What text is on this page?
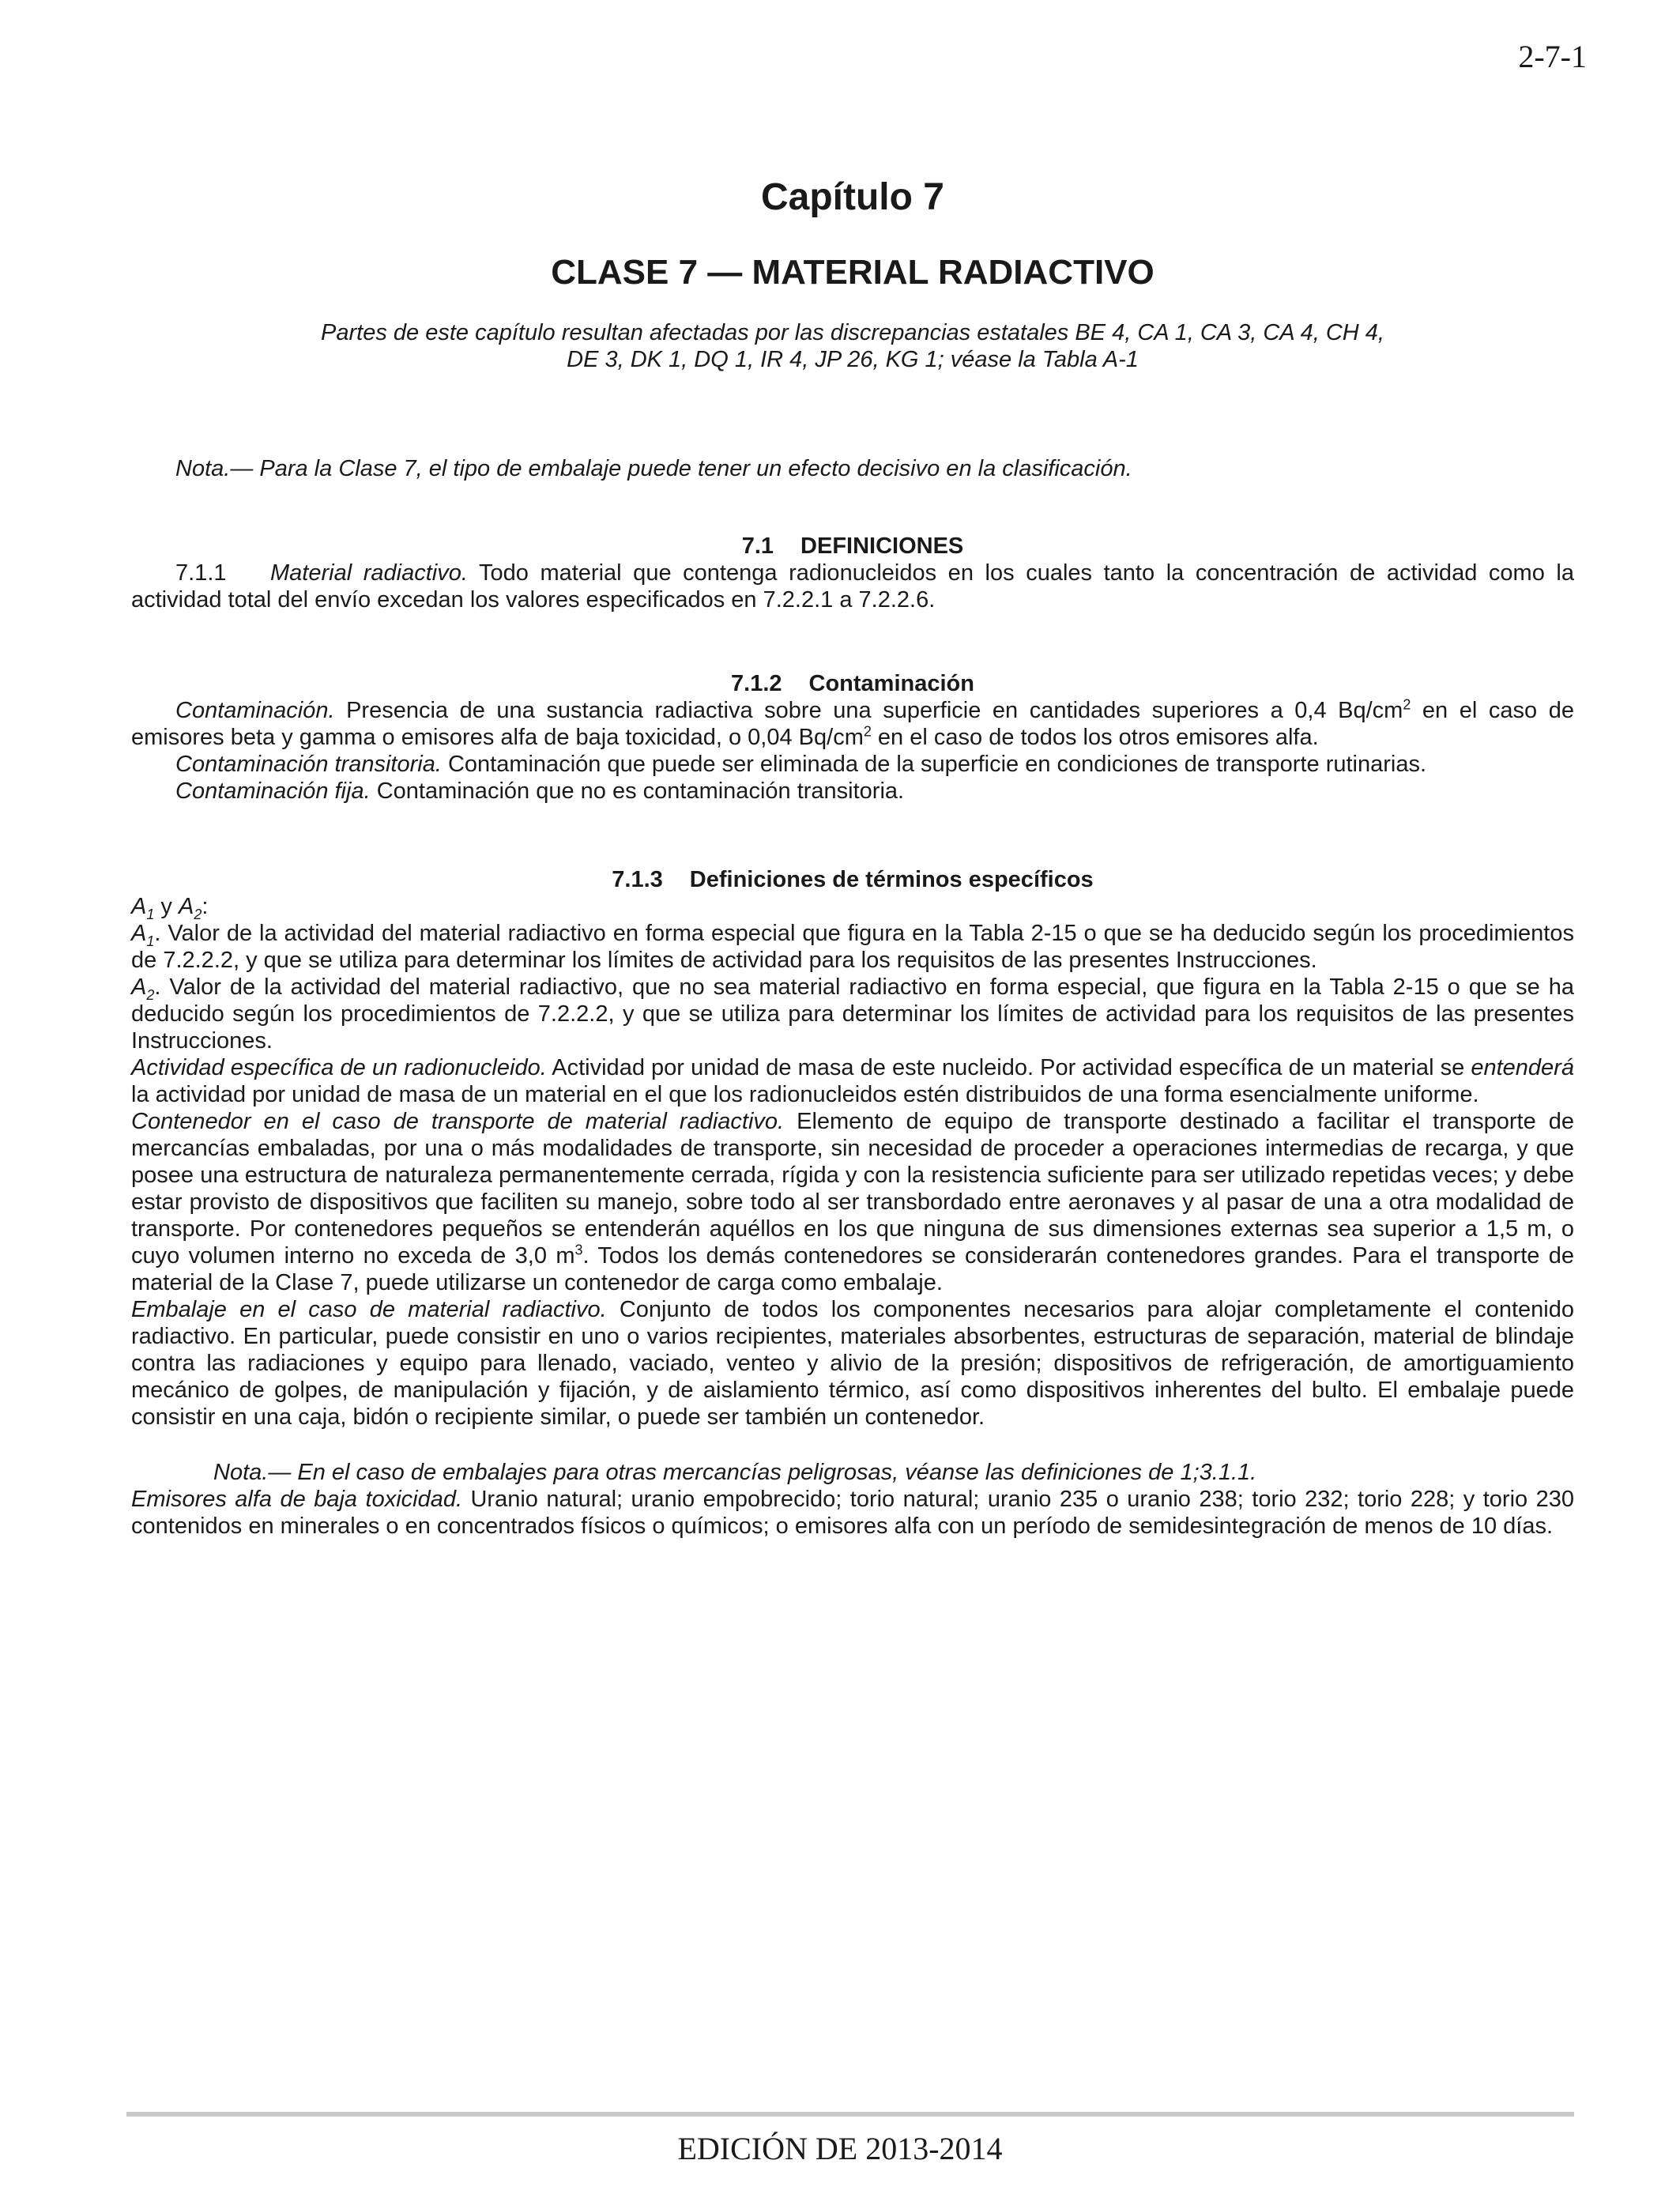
2-7-1
Capítulo 7
CLASE 7 — MATERIAL RADIACTIVO
Partes de este capítulo resultan afectadas por las discrepancias estatales BE 4, CA 1, CA 3, CA 4, CH 4,
DE 3, DK 1, DQ 1, IR 4, JP 26, KG 1; véase la Tabla A-1
Nota.— Para la Clase 7, el tipo de embalaje puede tener un efecto decisivo en la clasificación.
7.1 DEFINICIONES

7.1.1 Material radiactivo. Todo material que contenga radionucleidos en los cuales tanto la concentración de actividad como la actividad total del envío excedan los valores especificados en 7.2.2.1 a 7.2.2.6.

7.1.2 Contaminación

Contaminación. Presencia de una sustancia radiactiva sobre una superficie en cantidades superiores a 0,4 $Bq/cm^2$ en el caso de emisores beta y gamma o emisores alfa de baja toxicidad, o 0,04 $Bq/cm^2$ en el caso de todos los otros emisores alfa.

Contaminación transitoria. Contaminación que puede ser eliminada de la superficie en condiciones de transporte rutinarias.

Contaminación fija. Contaminación que no es contaminación transitoria.

7.1.3 Definiciones de términos específicos

$A_1$ y $A_2$:

$A_1$. Valor de la actividad del material radiactivo en forma especial que figura en la Tabla 2-15 o que se ha deducido según los procedimientos de 7.2.2.2, y que se utiliza para determinar los límites de actividad para los requisitos de las presentes Instrucciones.

$A_2$. Valor de la actividad del material radiactivo, que no sea material radiactivo en forma especial, que figura en la Tabla 2-15 o que se ha deducido según los procedimientos de 7.2.2.2, y que se utiliza para determinar los límites de actividad para los requisitos de las presentes Instrucciones.

Actividad específica de un radionucleido. Actividad por unidad de masa de este nucleido. Por actividad específica de un material se entenderá la actividad por unidad de masa de un material en el que los radionucleidos estén distribuidos de una forma esencialmente uniforme.

Contenedor en el caso de transporte de material radiactivo. Elemento de equipo de transporte destinado a facilitar el transporte de mercancías embaladas, por una o más modalidades de transporte, sin necesidad de proceder a operaciones intermedias de recarga, y que posee una estructura de naturaleza permanentemente cerrada, rígida y con la resistencia suficiente para ser utilizado repetidas veces; y debe estar provisto de dispositivos que faciliten su manejo, sobre todo al ser transbordado entre aeronaves y al pasar de una a otra modalidad de transporte. Por contenedores pequeños se entenderán aquéllos en los que ninguna de sus dimensiones externas sea superior a 1,5 m, o cuyo volumen interno no exceda de 3,0 $m^3$. Todos los demás contenedores se considerarán contenedores grandes. Para el transporte de material de la Clase 7, puede utilizarse un contenedor de carga como embalaje.

Embalaje en el caso de material radiactivo. Conjunto de todos los componentes necesarios para alojar completamente el contenido radiactivo. En particular, puede consistir en uno o varios recipientes, materiales absorbentes, estructuras de separación, material de blindaje contra las radiaciones y equipo para llenado, vaciado, venteo y alivio de la presión; dispositivos de refrigeración, de amortiguamiento mecánico de golpes, de manipulación y fijación, y de aislamiento térmico, así como dispositivos inherentes del bulto. El embalaje puede consistir en una caja, bidón o recipiente similar, o puede ser también un contenedor.

Nota.— En el caso de embalajes para otras mercancías peligrosas, véanse las definiciones de 1;3.1.1.

Emisores alfa de baja toxicidad. Uranio natural; uranio empobrecido; torio natural; uranio 235 o uranio 238; torio 232; torio 228; y torio 230 contenidos en minerales o en concentrados físicos o químicos; o emisores alfa con un período de semidesintegración de menos de 10 días.

EDICIÓN DE 2013-2014
